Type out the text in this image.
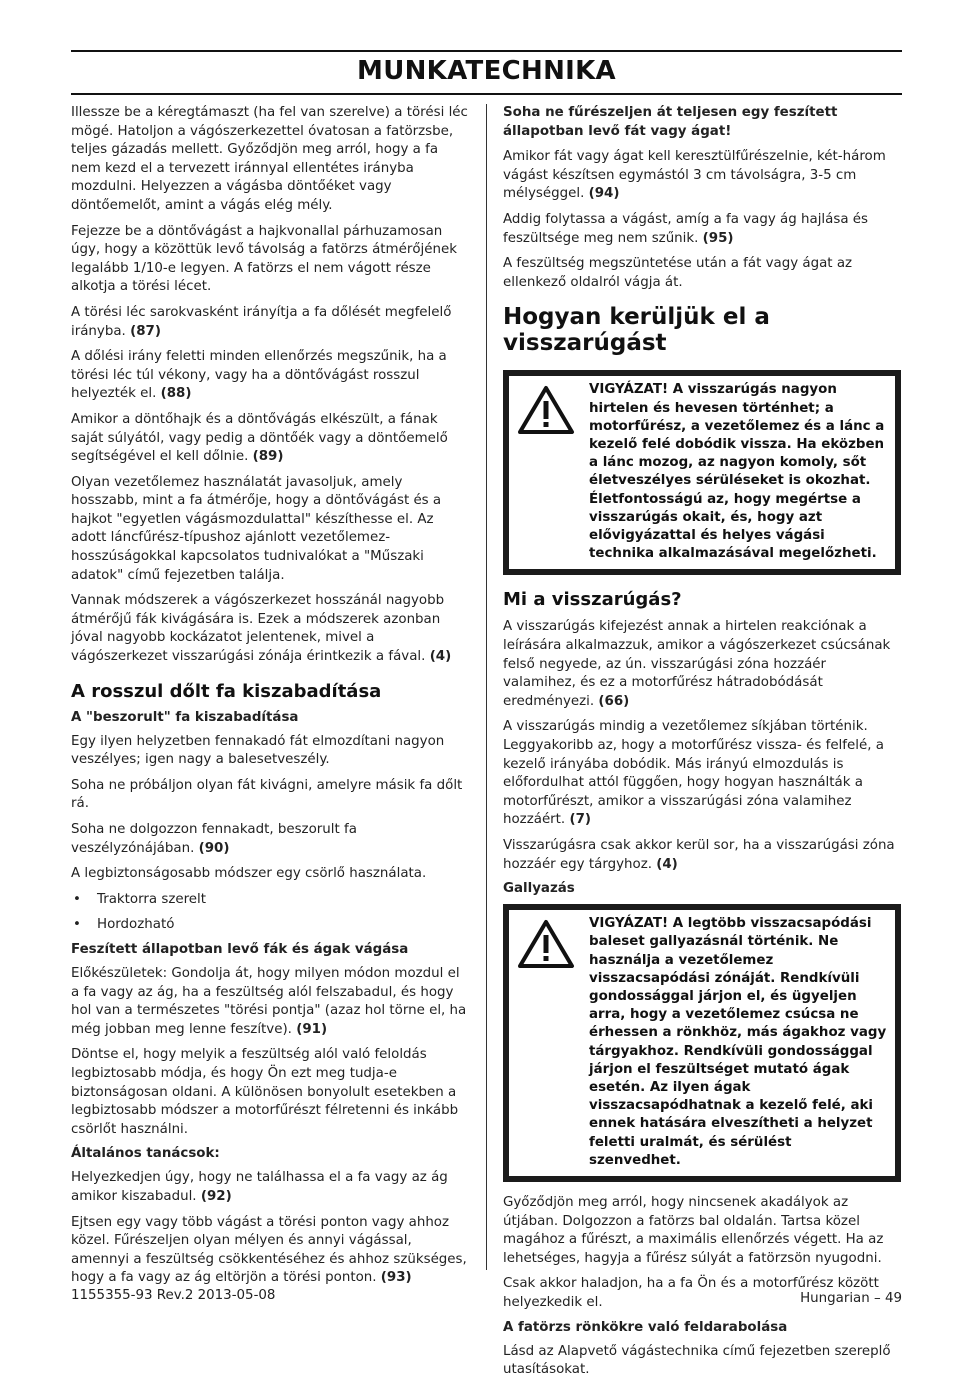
MUNKATECHNIKA

Illessze be a kéregtámaszt (ha fel van szerelve) a törési léc mögé. Hatoljon a vágószerkezettel óvatosan a fatörzsbe, teljes gázadás mellett. Győződjön meg arról, hogy a fa nem kezd el a tervezett iránnyal ellentétes irányba mozdulni. Helyezzen a vágásba döntőéket vagy döntőemelőt, amint a vágás elég mély.

Fejezze be a döntővágást a hajkvonallal párhuzamosan úgy, hogy a közöttük levő távolság a fatörzs átmérőjének legalább 1/10-e legyen. A fatörzs el nem vágott része alkotja a törési lécet.

A törési léc sarokvasként irányítja a fa dőlését megfelelő irányba. (87)

A dőlési irány feletti minden ellenőrzés megszűnik, ha a törési léc túl vékony, vagy ha a döntővágást rosszul helyezték el. (88)

Amikor a döntőhajk és a döntővágás elkészült, a fának saját súlyától, vagy pedig a döntőék vagy a döntőemelő segítségével el kell dőlnie. (89)

Olyan vezetőlemez használatát javasoljuk, amely hosszabb, mint a fa átmérője, hogy a döntővágást és a hajkot "egyetlen vágásmozdulattal" készíthesse el. Az adott láncfűrész-típushoz ajánlott vezetőlemez-hosszúságokkal kapcsolatos tudnivalókat a "Műszaki adatok" című fejezetben találja.

Vannak módszerek a vágószerkezet hosszánál nagyobb átmérőjű fák kivágására is. Ezek a módszerek azonban jóval nagyobb kockázatot jelentenek, mivel a vágószerkezet visszarúgási zónája érintkezik a fával. (4)

A rosszul dőlt fa kiszabadítása
A "beszorult" fa kiszabadítása

Egy ilyen helyzetben fennakadó fát elmozdítani nagyon veszélyes; igen nagy a balesetveszély.

Soha ne próbáljon olyan fát kivágni, amelyre másik fa dőlt rá.

Soha ne dolgozzon fennakadt, beszorult fa veszélyzónájában. (90)

A legbiztonságosabb módszer egy csörlő használata.

• Traktorra szerelt
• Hordozható
Feszített állapotban levő fák és ágak vágása

Előkészületek: Gondolja át, hogy milyen módon mozdul el a fa vagy az ág, ha a feszültség alól felszabadul, és hogy hol van a természetes "törési pontja" (azaz hol törne el, ha még jobban meg lenne feszítve). (91)

Döntse el, hogy melyik a feszültség alól való feloldás legbiztosabb módja, és hogy Ön ezt meg tudja-e biztonságosan oldani. A különösen bonyolult esetekben a legbiztosabb módszer a motorfűrészt félretenni és inkább csörlőt használni.

Általános tanácsok:

Helyezkedjen úgy, hogy ne találhassa el a fa vagy az ág amikor kiszabadul. (92)

Ejtsen egy vagy több vágást a törési ponton vagy ahhoz közel. Fűrészeljen olyan mélyen és annyi vágással, amennyi a feszültség csökkentéséhez és ahhoz szükséges, hogy a fa vagy az ág eltörjön a törési ponton. (93)

Soha ne fűrészeljen át teljesen egy feszített állapotban levő fát vagy ágat!

Amikor fát vagy ágat kell keresztülfűrészelnie, két-három vágást készítsen egymástól 3 cm távolságra, 3-5 cm mélységgel. (94)

Addig folytassa a vágást, amíg a fa vagy ág hajlása és feszültsége meg nem szűnik. (95)

A feszültség megszüntetése után a fát vagy ágat az ellenkező oldalról vágja át.

Hogyan kerüljük el a visszarúgást
VIGYÁZAT! A visszarúgás nagyon hirtelen és hevesen történhet; a motorfűrész, a vezetőlemez és a lánc a kezelő felé dobódik vissza. Ha eközben a lánc mozog, az nagyon komoly, sőt életveszélyes sérüléseket is okozhat. Életfontosságú az, hogy megértse a visszarúgás okait, és, hogy azt elővigyázattal és helyes vágási technika alkalmazásával megelőzheti.
Mi a visszarúgás?

A visszarúgás kifejezést annak a hirtelen reakciónak a leírására alkalmazzuk, amikor a vágószerkezet csúcsának felső negyede, az ún. visszarúgási zóna hozzáér valamihez, és ez a motorfűrész hátradobódását eredményezi. (66)

A visszarúgás mindig a vezetőlemez síkjában történik. Leggyakoribb az, hogy a motorfűrész vissza- és felfelé, a kezelő irányába dobódik. Más irányú elmozdulás is előfordulhat attól függően, hogy hogyan használták a motorfűrészt, amikor a visszarúgási zóna valamihez hozzáért. (7)

Visszarúgásra csak akkor kerül sor, ha a visszarúgási zóna hozzáér egy tárgyhoz. (4)

Gallyazás
VIGYÁZAT! A legtöbb visszacsapódási baleset gallyazásnál történik. Ne használja a vezetőlemez visszacsapódási zónáját. Rendkívüli gondossággal járjon el, és ügyeljen arra, hogy a vezetőlemez csúcsa ne érhessen a rönkhöz, más ágakhoz vagy tárgyakhoz. Rendkívüli gondossággal járjon el feszültséget mutató ágak esetén. Az ilyen ágak visszacsapódhatnak a kezelő felé, aki ennek hatására elveszítheti a helyzet feletti uralmát, és sérülést szenvedhet.

Győződjön meg arról, hogy nincsenek akadályok az útjában. Dolgozzon a fatörzs bal oldalán. Tartsa közel magához a fűrészt, a maximális ellenőrzés végett. Ha az lehetséges, hagyja a fűrész súlyát a fatörzsön nyugodni.

Csak akkor haladjon, ha a fa Ön és a motorfűrész között helyezkedik el.

A fatörzs rönkökre való feldarabolása

Lásd az Alapvető vágástechnika című fejezetben szereplő utasításokat.

1155355-93 Rev.2 2013-05-08	Hungarian – 49
